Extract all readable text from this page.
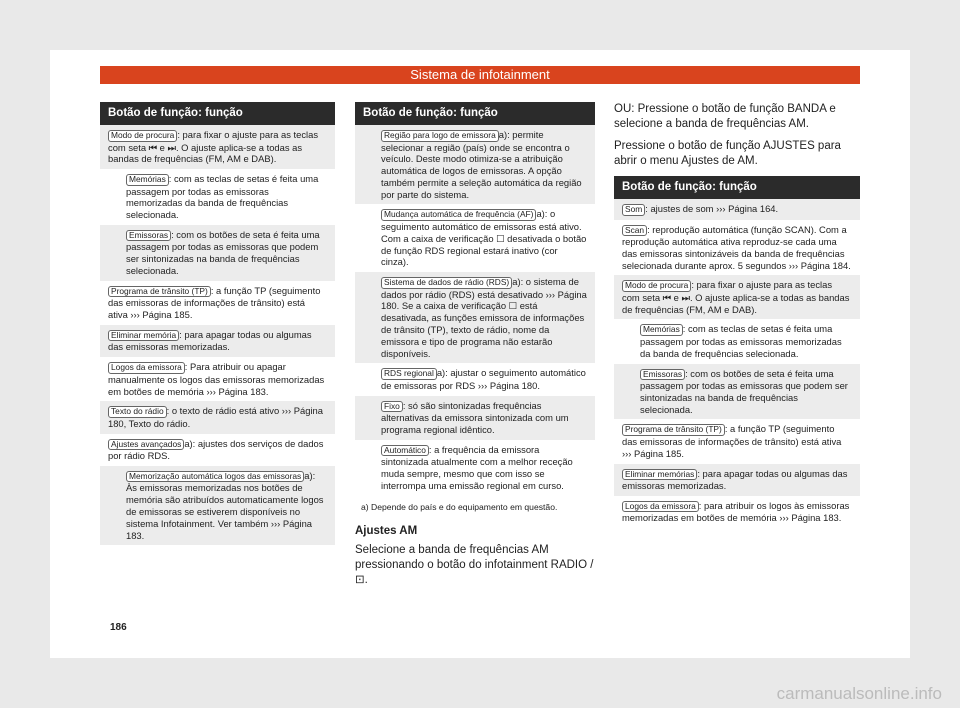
Sistema de infotainment
Botão de função: função
Modo de procura : para fixar o ajuste para as teclas com seta ⏮ e ⏭. O ajuste aplica-se a todas as bandas de frequências (FM, AM e DAB).
Memórias : com as teclas de setas é feita uma passagem por todas as emissoras memorizadas da banda de frequências selecionada.
Emissoras : com os botões de seta é feita uma passagem por todas as emissoras que podem ser sintonizadas na banda de frequências selecionada.
Programa de trânsito (TP) : a função TP (seguimento das emissoras de informações de trânsito) está ativa ››› Página 185.
Eliminar memória : para apagar todas ou algumas das emissoras memorizadas.
Logos da emissora : Para atribuir ou apagar manualmente os logos das emissoras memorizadas em botões de memória ››› Página 183.
Texto do rádio : o texto de rádio está ativo ››› Página 180, Texto do rádio.
Ajustes avançados a): ajustes dos serviços de dados por rádio RDS.
Memorização automática logos das emissoras a): Às emissoras memorizadas nos botões de memória são atribuídos automaticamente logos de emissoras se estiverem disponíveis no sistema Infotainment. Ver também ››› Página 183.
Botão de função: função
Região para logo de emissora a): permite selecionar a região (país) onde se encontra o veículo. Deste modo otimiza-se a atribuição automática de logos de emissoras. A opção também permite a seleção automática da região por parte do sistema.
Mudança automática de frequência (AF) a): o seguimento automático de emissoras está ativo. Com a caixa de verificação ☐ desativada o botão de função RDS regional estará inativo (cor cinza).
Sistema de dados de rádio (RDS) a): o sistema de dados por rádio (RDS) está desativado ››› Página 180. Se a caixa de verificação ☐ está desativada, as funções emissora de informações de trânsito (TP), texto de rádio, nome da emissora e tipo de programa não estarão disponíveis.
RDS regional a): ajustar o seguimento automático de emissoras por RDS ››› Página 180.
Fixo : só são sintonizadas frequências alternativas da emissora sintonizada com um programa regional idêntico.
Automático : a frequência da emissora sintonizada atualmente com a melhor receção muda sempre, mesmo que com isso se interrompa uma emissão regional em curso.
a) Depende do país e do equipamento em questão.
Ajustes AM
Selecione a banda de frequências AM pressionando o botão do infotainment RADIO / ⊡.

OU: Pressione o botão de função BANDA e selecione a banda de frequências AM.

Pressione o botão de função AJUSTES para abrir o menu Ajustes de AM.

Botão de função: função
Som : ajustes de som ››› Página 164.
Scan : reprodução automática (função SCAN). Com a reprodução automática ativa reproduz-se cada uma das emissoras sintonizáveis da banda de frequências selecionada durante aprox. 5 segundos ››› Página 184.
Modo de procura : para fixar o ajuste para as teclas com seta ⏮ e ⏭. O ajuste aplica-se a todas as bandas de frequências (FM, AM e DAB).
Memórias : com as teclas de setas é feita uma passagem por todas as emissoras memorizadas da banda de frequências selecionada.
Emissoras : com os botões de seta é feita uma passagem por todas as emissoras que podem ser sintonizadas na banda de frequências selecionada.
Programa de trânsito (TP) : a função TP (seguimento das emissoras de informações de trânsito) está ativa ››› Página 185.
Eliminar memórias : para apagar todas ou algumas das emissoras memorizadas.
Logos da emissora : para atribuir os logos às emissoras memorizadas em botões de memória ››› Página 183.
186
carmanualsonline.info
